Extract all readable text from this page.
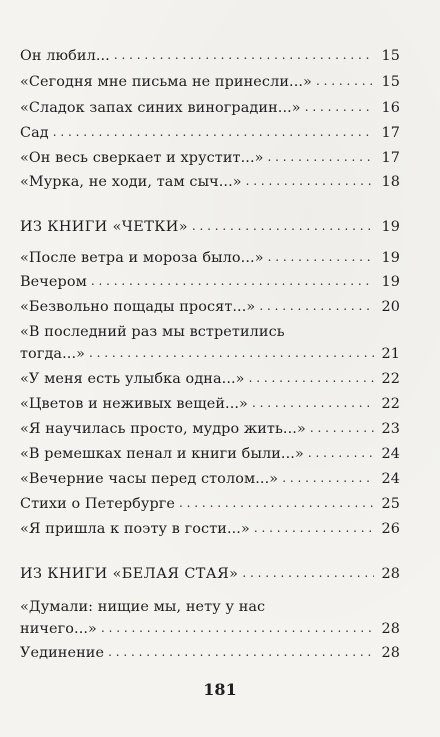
Он любил... . . .	15
«Сегодня мне письма не принесли...» . . .	15
«Сладок запах синих виноградин...» . . .	16
Сад . . .	17
«Он весь сверкает и хрустит...» . . .	17
«Мурка, не ходи, там сыч...» . . .	18
ИЗ КНИГИ «ЧЕТКИ» . . .	19
«После ветра и мороза было...» . . .	19
Вечером . . .	19
«Безвольно пощады просят...» . . .	20
«В последний раз мы встретились
тогда...» . . .	21
«У меня есть улыбка одна...» . . .	22
«Цветов и неживых вещей...» . . .	22
«Я научилась просто, мудро жить...» . . .	23
«В ремешках пенал и книги были...» . . .	24
«Вечерние часы перед столом...» . . .	24
Стихи о Петербурге . . .	25
«Я пришла к поэту в гости...» . . .	26
ИЗ КНИГИ «БЕЛАЯ СТАЯ» . . .	28
«Думали: нищие мы, нету у нас
ничего...» . . .	28
Уединение . . .	28
181
